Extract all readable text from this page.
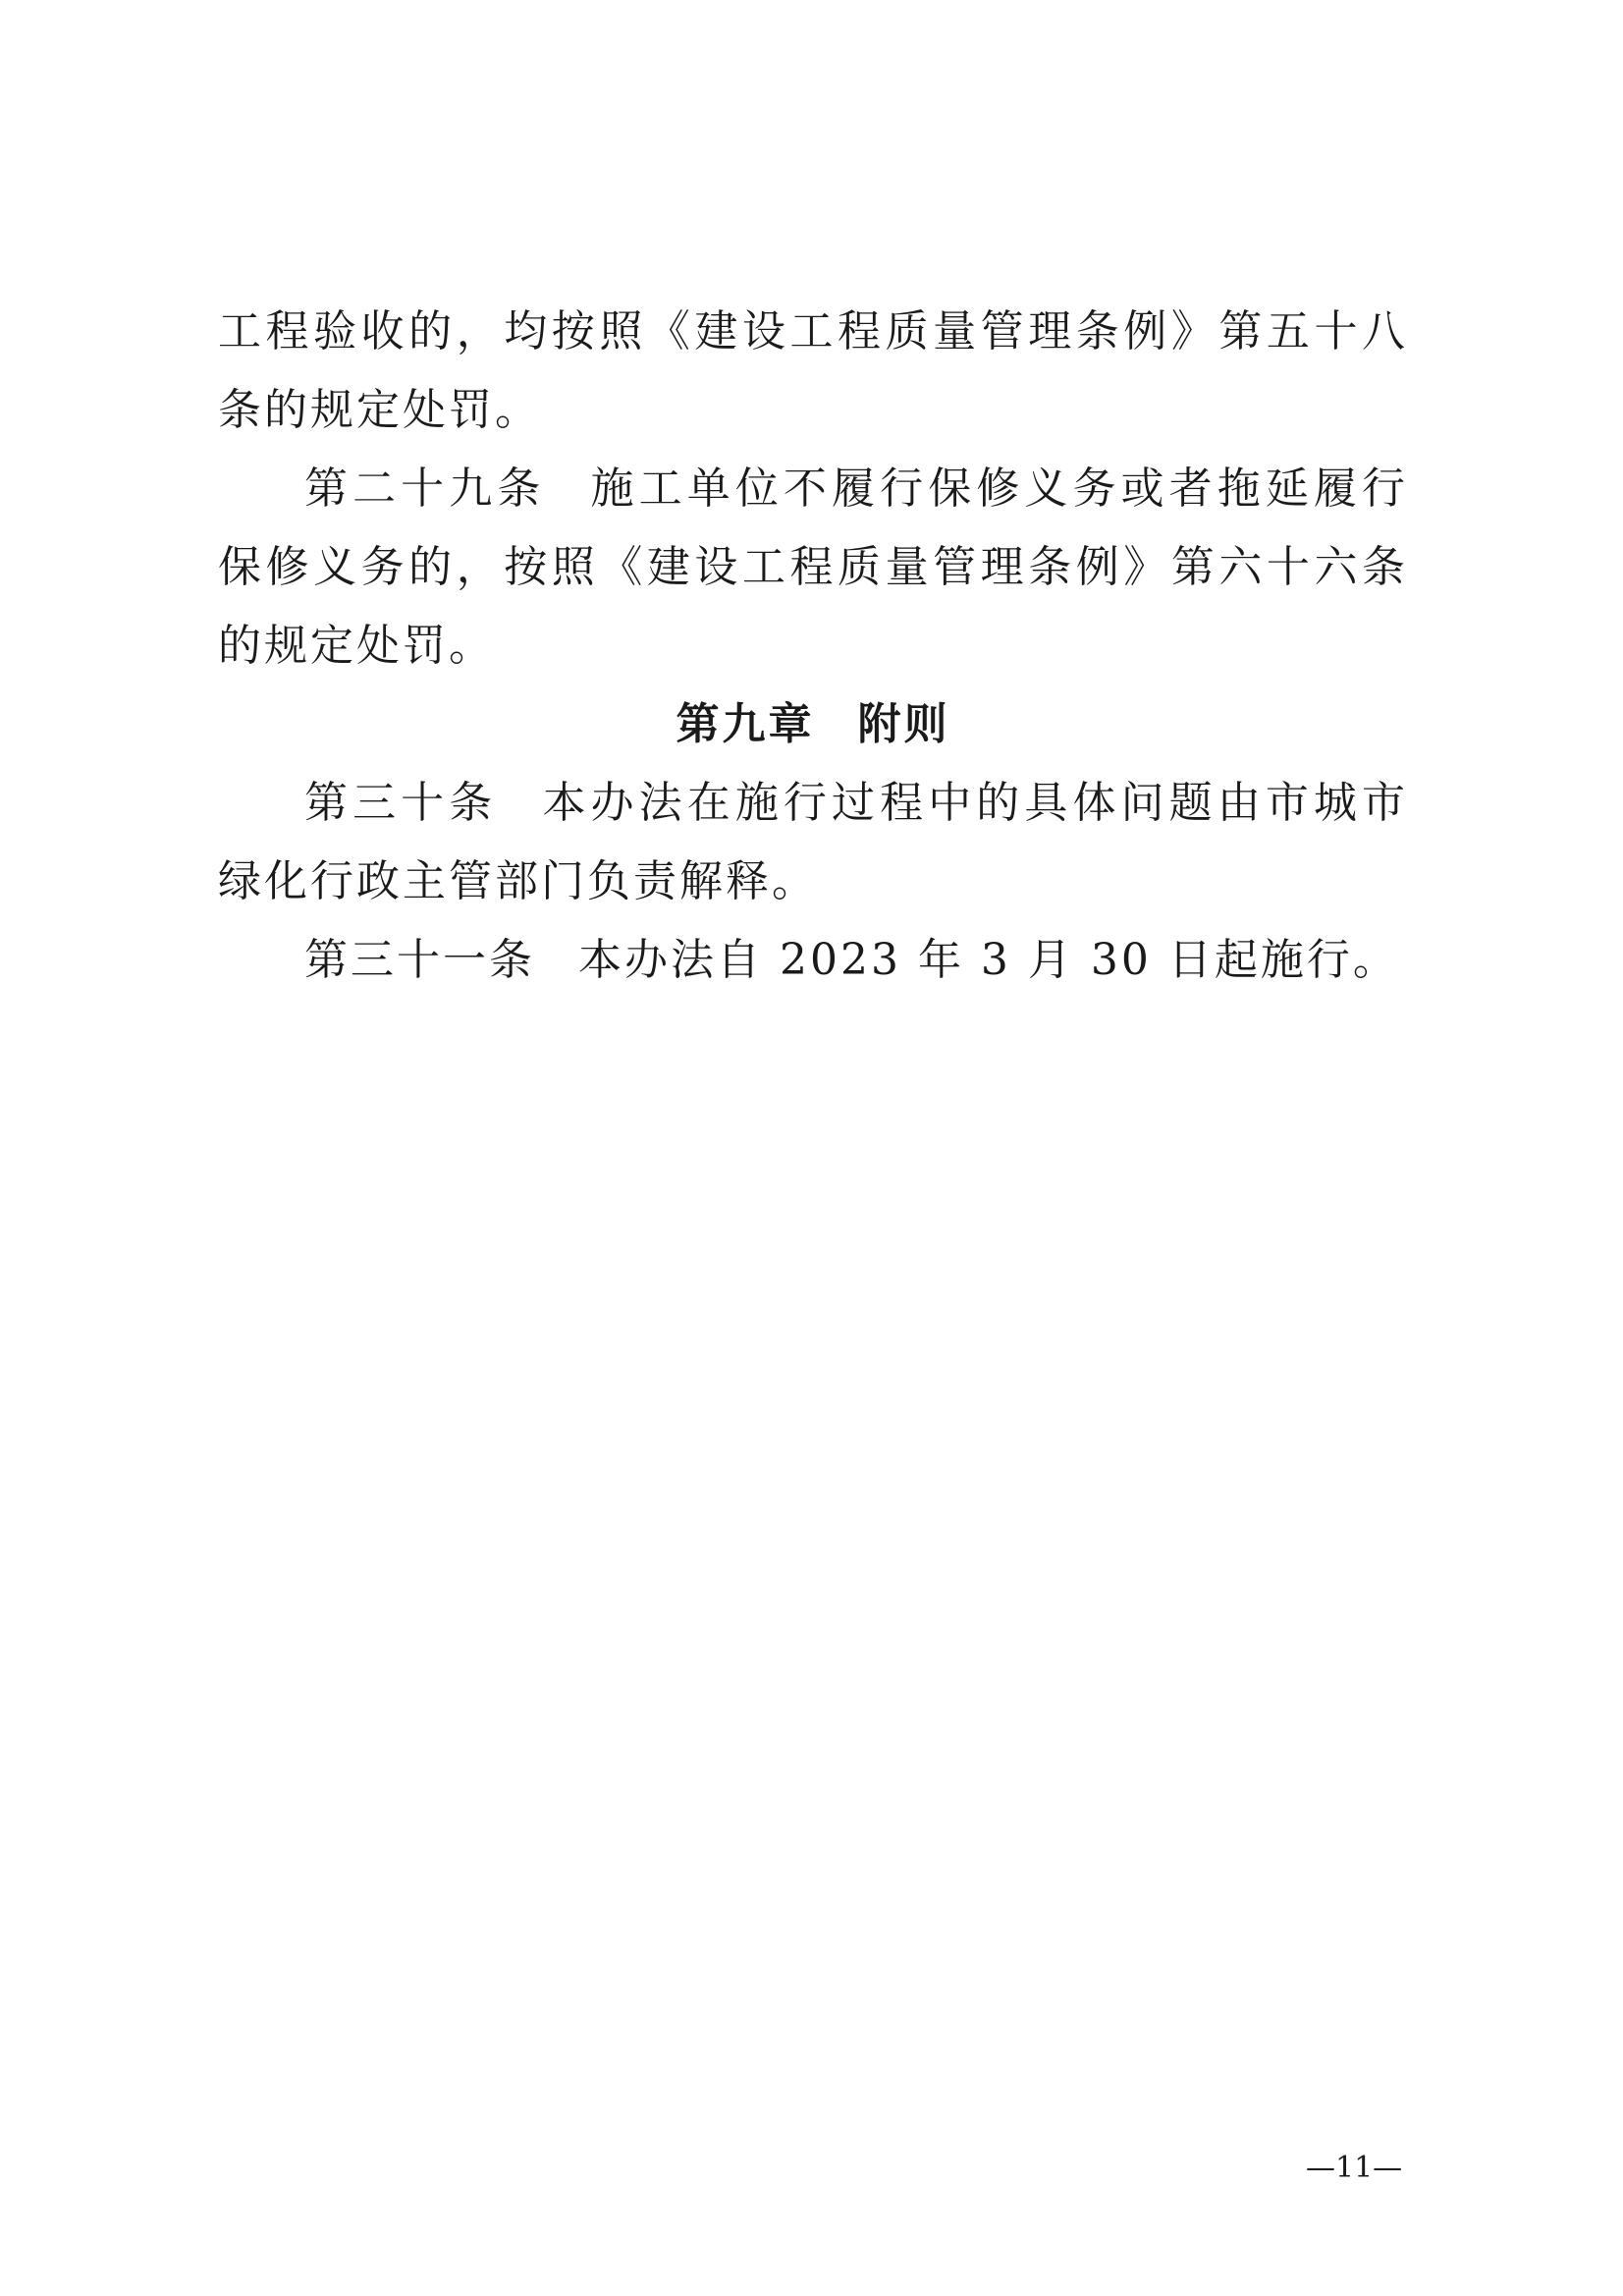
工程验收的，均按照《建设工程质量管理条例》第五十八条的规定处罚。

第二十九条 施工单位不履行保修义务或者拖延履行保修义务的，按照《建设工程质量管理条例》第六十六条的规定处罚。

第九章 附则

第三十条 本办法在施行过程中的具体问题由市城市绿化行政主管部门负责解释。

第三十一条 本办法自 2023 年 3 月 30 日起施行。

—11—
